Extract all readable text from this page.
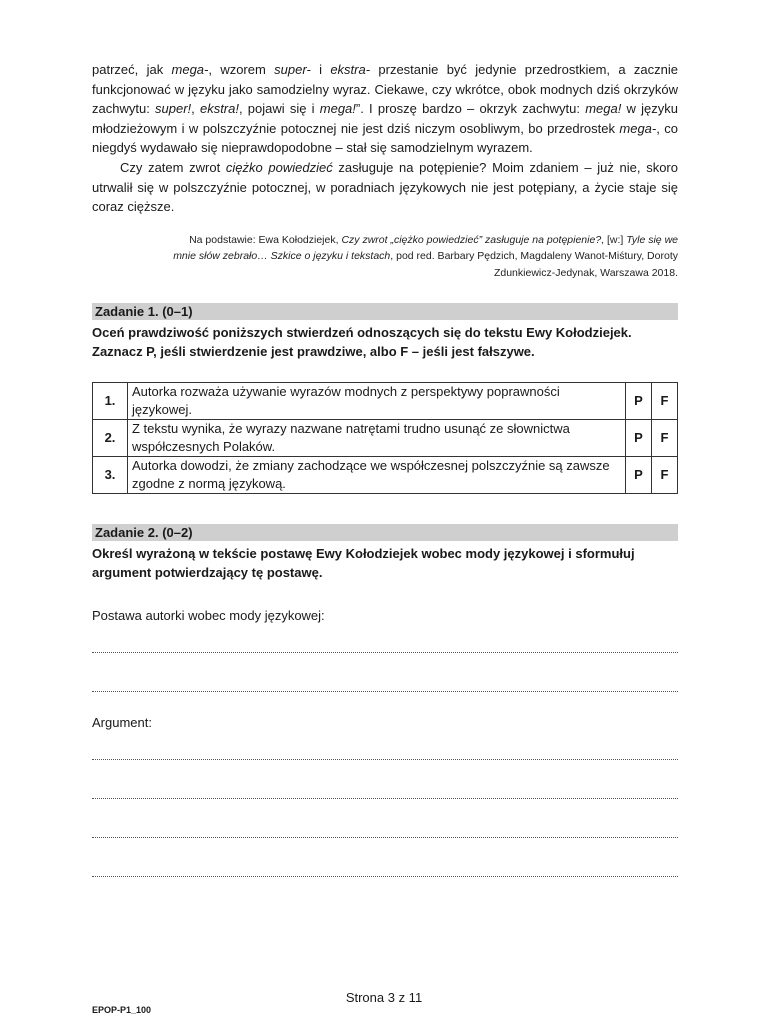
patrzeć, jak mega-, wzorem super- i ekstra- przestanie być jedynie przedrostkiem, a zacznie funkcjonować w języku jako samodzielny wyraz. Ciekawe, czy wkrótce, obok modnych dziś okrzyków zachwytu: super!, ekstra!, pojawi się i mega!”. I proszę bardzo – okrzyk zachwytu: mega! w języku młodzieżowym i w polszczyźnie potocznej nie jest dziś niczym osobliwym, bo przedrostek mega-, co niegdyś wydawało się nieprawdopodobne – stał się samodzielnym wyrazem.

Czy zatem zwrot ciężko powiedzieć zasługuje na potępienie? Moim zdaniem – już nie, skoro utrwalił się w polszczyźnie potocznej, w poradniach językowych nie jest potępiany, a życie staje się coraz cięższe.

Na podstawie: Ewa Kołodziejek, Czy zwrot „ciężko powiedzieć” zasługuje na potępienie?, [w:] Tyle się we mnie słów zebrało… Szkice o języku i tekstach, pod red. Barbary Pędzich, Magdaleny Wanot-Miśtury, Doroty Zdunkiewicz-Jedynak, Warszawa 2018.

Zadanie 1. (0–1)

Oceń prawdziwość poniższych stwierdzeń odnoszących się do tekstu Ewy Kołodziejek.
Zaznacz P, jeśli stwierdzenie jest prawdziwe, albo F – jeśli jest fałszywe.

1.	Autorka rozważa używanie wyrazów modnych z perspektywy poprawności językowej.	P	F
2.	Z tekstu wynika, że wyrazy nazwane natrętami trudno usunąć ze słownictwa współczesnych Polaków.	P	F
3.	Autorka dowodzi, że zmiany zachodzące we współczesnej polszczyźnie są zawsze zgodne z normą językową.	P	F
Zadanie 2. (0–2)

Określ wyrażoną w tekście postawę Ewy Kołodziejek wobec mody językowej i sformułuj
argument potwierdzający tę postawę.

Postawa autorki wobec mody językowej:

Argument:

Strona 3 z 11
EPOP-P1_100
